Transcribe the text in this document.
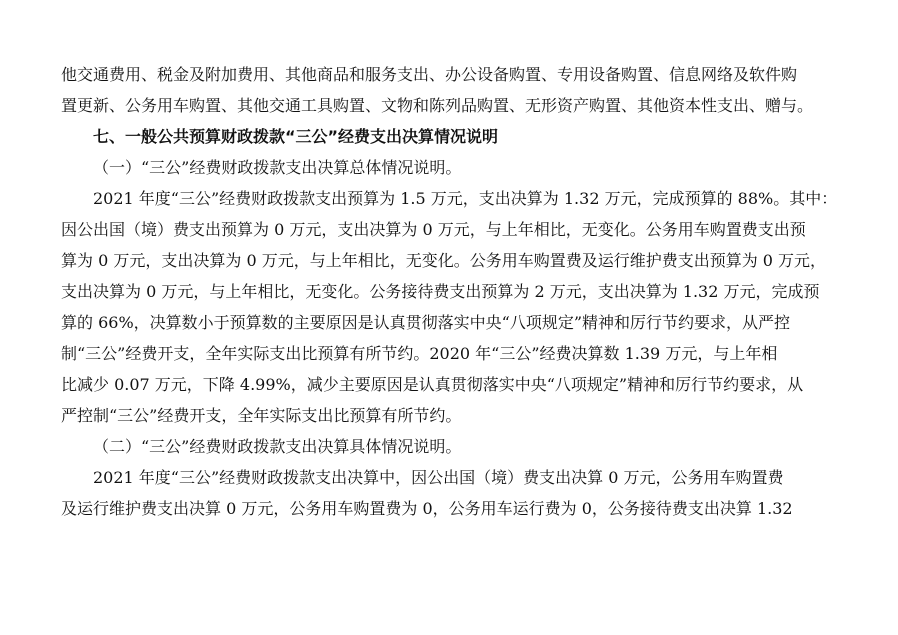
他交通费用、税金及附加费用、其他商品和服务支出、办公设备购置、专用设备购置、信息网络及软件购
置更新、公务用车购置、其他交通工具购置、文物和陈列品购置、无形资产购置、其他资本性支出、赠与。
七、一般公共预算财政拨款“三公”经费支出决算情况说明
（一）“三公”经费财政拨款支出决算总体情况说明。
2021 年度“三公”经费财政拨款支出预算为 1.5 万元，支出决算为 1.32 万元，完成预算的 88%。其中：
因公出国（境）费支出预算为 0 万元，支出决算为 0 万元，与上年相比，无变化。公务用车购置费支出预
算为 0 万元，支出决算为 0 万元，与上年相比，无变化。公务用车购置费及运行维护费支出预算为 0 万元，
支出决算为 0 万元，与上年相比，无变化。公务接待费支出预算为 2 万元，支出决算为 1.32 万元，完成预
算的 66%，决算数小于预算数的主要原因是认真贯彻落实中央“八项规定”精神和厉行节约要求，从严控
制“三公”经费开支，全年实际支出比预算有所节约。2020 年“三公”经费决算数 1.39 万元，与上年相
比减少 0.07 万元，下降 4.99%，减少主要原因是认真贯彻落实中央“八项规定”精神和厉行节约要求，从
严控制“三公”经费开支，全年实际支出比预算有所节约。
（二）“三公”经费财政拨款支出决算具体情况说明。
2021 年度“三公”经费财政拨款支出决算中，因公出国（境）费支出决算 0 万元，公务用车购置费
及运行维护费支出决算 0 万元，公务用车购置费为 0，公务用车运行费为 0，公务接待费支出决算 1.32
